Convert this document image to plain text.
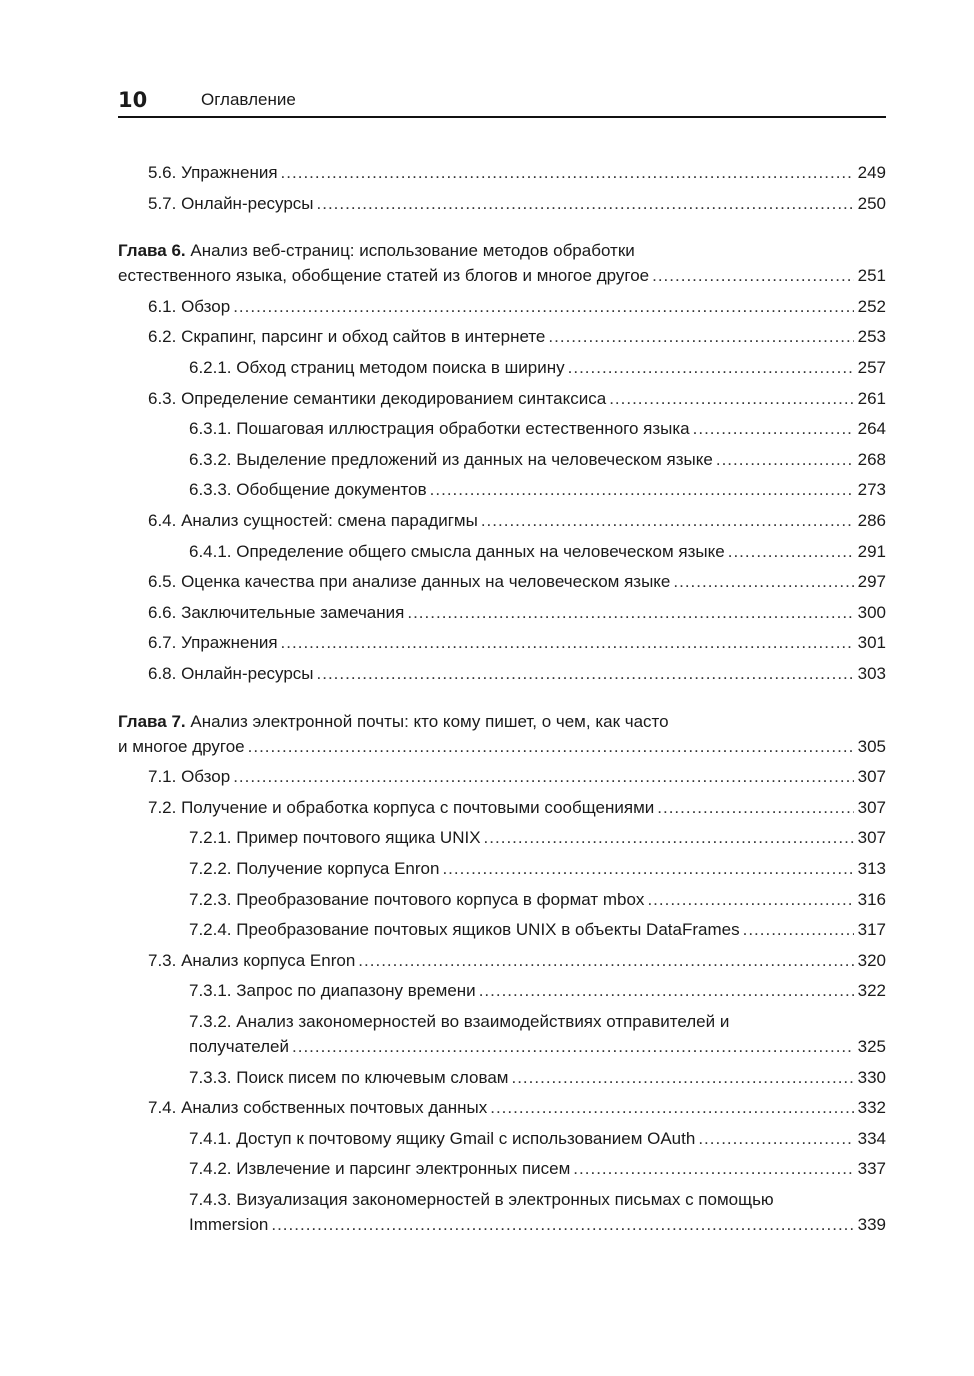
10	Оглавление
5.6. Упражнения .....	249
5.7. Онлайн-ресурсы .....	250
Глава 6. Анализ веб-страниц: использование методов обработки
естественного языка, обобщение статей из блогов и многое другое .....	251
6.1. Обзор .....	252
6.2. Скрапинг, парсинг и обход сайтов в интернете .....	253
6.2.1. Обход страниц методом поиска в ширину .....	257
6.3. Определение семантики декодированием синтаксиса .....	261
6.3.1. Пошаговая иллюстрация обработки естественного языка .....	264
6.3.2. Выделение предложений из данных на человеческом языке .....	268
6.3.3. Обобщение документов .....	273
6.4. Анализ сущностей: смена парадигмы .....	286
6.4.1. Определение общего смысла данных на человеческом языке .....	291
6.5. Оценка качества при анализе данных на человеческом языке .....	297
6.6. Заключительные замечания .....	300
6.7. Упражнения .....	301
6.8. Онлайн-ресурсы .....	303
Глава 7. Анализ электронной почты: кто кому пишет, о чем, как часто
и многое другое .....	305
7.1. Обзор .....	307
7.2. Получение и обработка корпуса с почтовыми сообщениями .....	307
7.2.1. Пример почтового ящика UNIX .....	307
7.2.2. Получение корпуса Enron .....	313
7.2.3. Преобразование почтового корпуса в формат mbox .....	316
7.2.4. Преобразование почтовых ящиков UNIX в объекты DataFrames .....	317
7.3. Анализ корпуса Enron .....	320
7.3.1. Запрос по диапазону времени .....	322
7.3.2. Анализ закономерностей во взаимодействиях отправителей и
получателей .....	325
7.3.3. Поиск писем по ключевым словам .....	330
7.4. Анализ собственных почтовых данных .....	332
7.4.1. Доступ к почтовому ящику Gmail с использованием OAuth .....	334
7.4.2. Извлечение и парсинг электронных писем .....	337
7.4.3. Визуализация закономерностей в электронных письмах с помощью
Immersion .....	339
